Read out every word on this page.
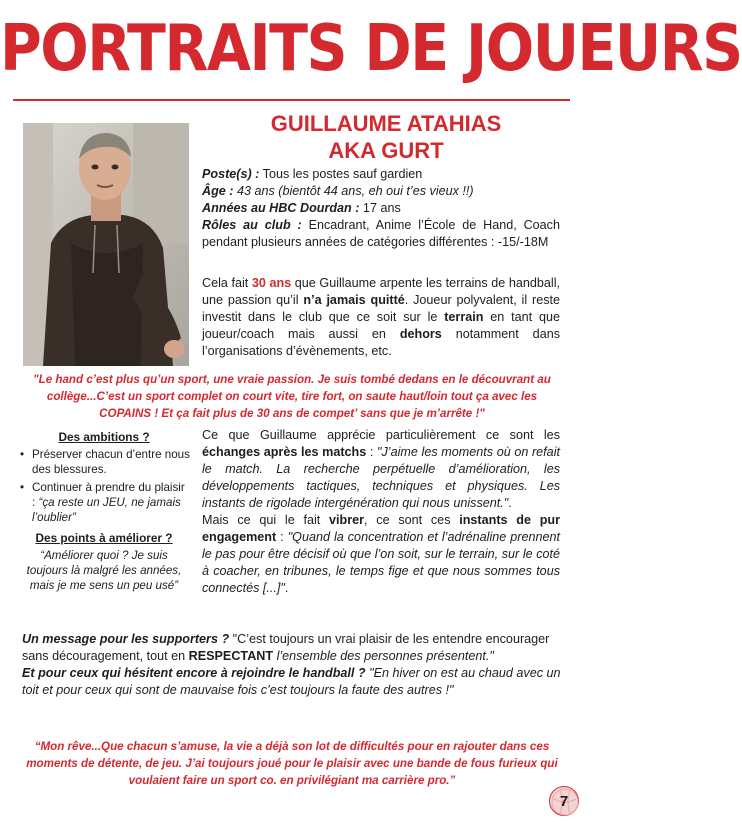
PORTRAITS DE JOUEURS
GUILLAUME ATAHIAS
AKA GURT

Poste(s) : Tous les postes sauf gardien

Âge : 43 ans (bientôt 44 ans, eh oui t’es vieux !!)

Années au HBC Dourdan : 17 ans

Rôles au club : Encadrant, Anime l’École de Hand, Coach pendant plusieurs années de catégories différentes : -15/-18M

Cela fait 30 ans que Guillaume arpente les terrains de handball, une passion qu’il n’a jamais quitté. Joueur polyvalent, il reste investit dans le club que ce soit sur le terrain en tant que joueur/coach mais aussi en dehors notamment dans l’organisations d’évènements, etc.
"Le hand c’est plus qu’un sport, une vraie passion. Je suis tombé dedans en le découvrant au collège...C’est un sport complet on court vite, tire fort, on saute haut/loin tout ça avec les COPAINS ! Et ça fait plus de 30 ans de compet’ sans que je m’arrête !"
Des ambitions ?
• Préserver chacun d’entre nous des blessures.
• Continuer à prendre du plaisir : “ça reste un JEU, ne jamais l’oublier”
Des points à améliorer ?
“Améliorer quoi ? Je suis toujours là malgré les années, mais je me sens un peu usé”

Ce que Guillaume apprécie particulièrement ce sont les échanges après les matchs : "J’aime les moments où on refait le match. La recherche perpétuelle d’amélioration, les développements tactiques, techniques et physiques. Les instants de rigolade intergénération qui nous unissent.".

Mais ce qui le fait vibrer, ce sont ces instants de pur engagement : "Quand la concentration et l’adrénaline prennent le pas pour être décisif où que l’on soit, sur le terrain, sur le coté à coacher, en tribunes, le temps fige et que nous sommes tous connectés [...]".

Un message pour les supporters ? "C’est toujours un vrai plaisir de les entendre encourager sans découragement, tout en RESPECTANT l’ensemble des personnes présentent."

Et pour ceux qui hésitent encore à rejoindre le handball ? "En hiver on est au chaud avec un toit et pour ceux qui sont de mauvaise fois c’est toujours la faute des autres !"

“Mon rêve...Que chacun s’amuse, la vie a déjà son lot de difficultés pour en rajouter dans ces moments de détente, de jeu. J’ai toujours joué pour le plaisir avec une bande de fous furieux qui voulaient faire un sport co. en privilégiant ma carrière pro.”
7
